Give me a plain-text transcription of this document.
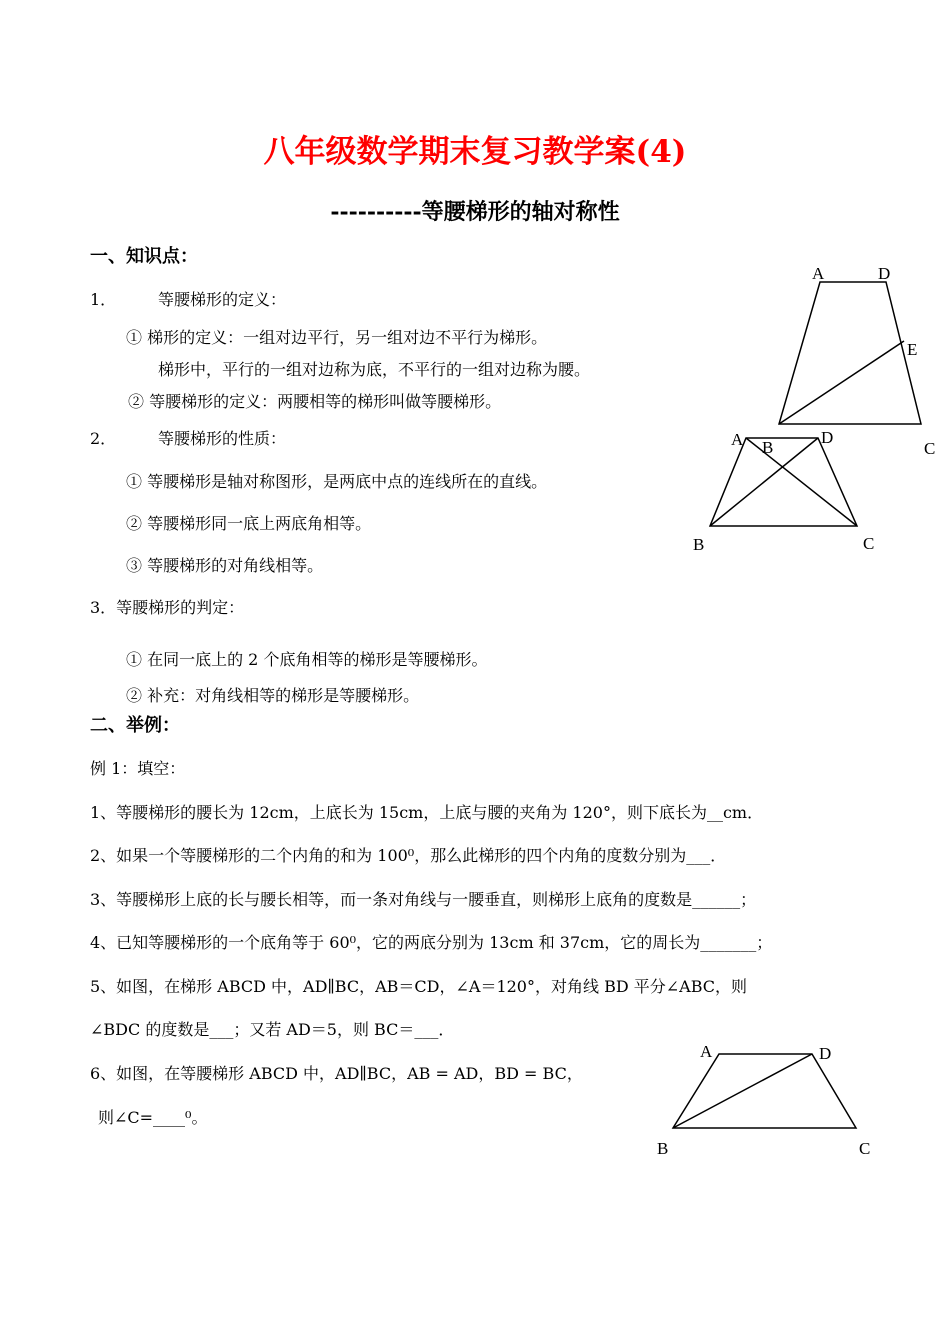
八年级数学期末复习教学案(4)
----------等腰梯形的轴对称性
一、知识点：
1．	等腰梯形的定义：
① 梯形的定义：一组对边平行，另一组对边不平行为梯形。
梯形中，平行的一组对边称为底，不平行的一组对边称为腰。
② 等腰梯形的定义：两腰相等的梯形叫做等腰梯形。
2．	等腰梯形的性质：
① 等腰梯形是轴对称图形，是两底中点的连线所在的直线。
② 等腰梯形同一底上两底角相等。
③ 等腰梯形的对角线相等。
3．等腰梯形的判定：
① 在同一底上的 2 个底角相等的梯形是等腰梯形。
② 补充：对角线相等的梯形是等腰梯形。
二、举例：
例 1：填空：
1、等腰梯形的腰长为 12cm，上底长为 15cm，上底与腰的夹角为 120°，则下底长为__cm．
2、如果一个等腰梯形的二个内角的和为 100⁰，那么此梯形的四个内角的度数分别为___．
3、等腰梯形上底的长与腰长相等，而一条对角线与一腰垂直，则梯形上底角的度数是______；
4、已知等腰梯形的一个底角等于 60⁰，它的两底分别为 13cm 和 37cm，它的周长为_______；
5、如图，在梯形 ABCD 中，AD∥BC，AB＝CD，∠A＝120°，对角线 BD 平分∠ABC，则
∠BDC 的度数是___；又若 AD＝5，则 BC＝___．
6、如图，在等腰梯形 ABCD 中，AD∥BC，AB = AD，BD = BC，
则∠C=____⁰。
A	D
E
B	C
A	D
B	C
A	D
B	C
